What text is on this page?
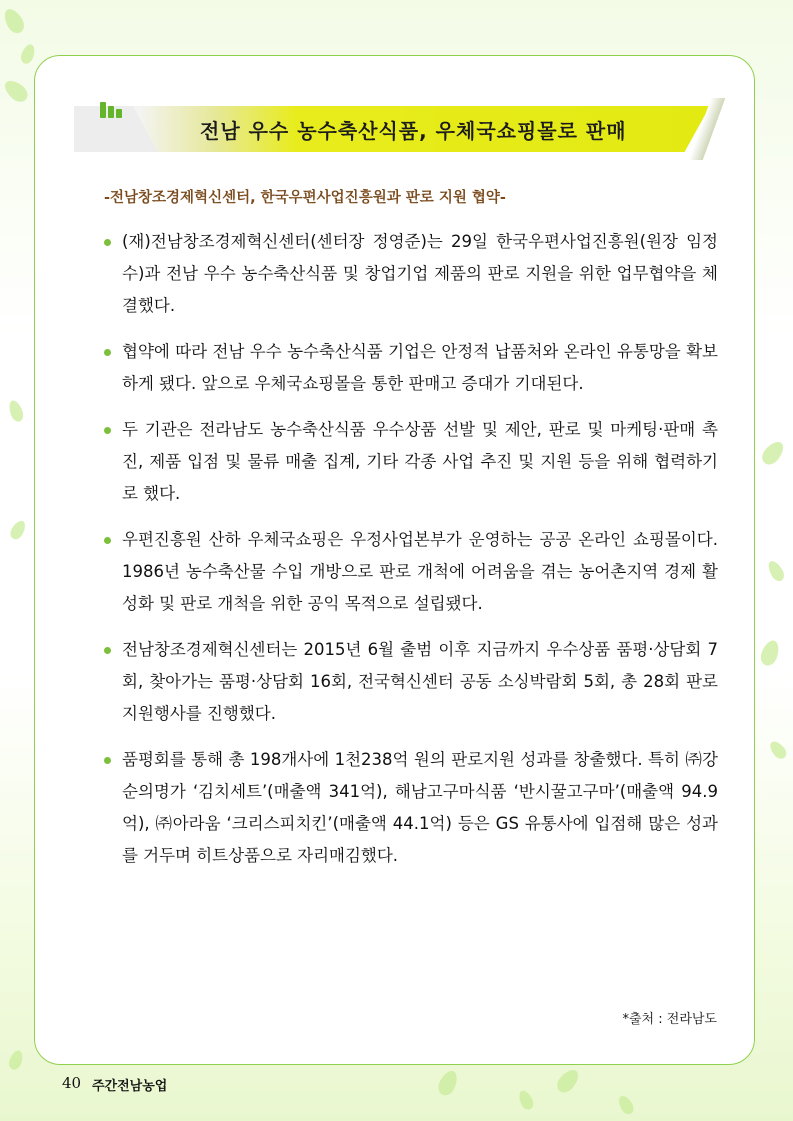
전남 우수 농수축산식품, 우체국쇼핑몰로 판매
-전남창조경제혁신센터, 한국우편사업진흥원과 판로 지원 협약-
(재)전남창조경제혁신센터(센터장 정영준)는 29일 한국우편사업진흥원(원장 임정수)과 전남 우수 농수축산식품 및 창업기업 제품의 판로 지원을 위한 업무협약을 체결했다.
협약에 따라 전남 우수 농수축산식품 기업은 안정적 납품처와 온라인 유통망을 확보하게 됐다. 앞으로 우체국쇼핑몰을 통한 판매고 증대가 기대된다.
두 기관은 전라남도 농수축산식품 우수상품 선발 및 제안, 판로 및 마케팅·판매 촉진, 제품 입점 및 물류 매출 집계, 기타 각종 사업 추진 및 지원 등을 위해 협력하기로 했다.
우편진흥원 산하 우체국쇼핑은 우정사업본부가 운영하는 공공 온라인 쇼핑몰이다. 1986년 농수축산물 수입 개방으로 판로 개척에 어려움을 겪는 농어촌지역 경제 활성화 및 판로 개척을 위한 공익 목적으로 설립됐다.
전남창조경제혁신센터는 2015년 6월 출범 이후 지금까지 우수상품 품평·상담회 7회, 찾아가는 품평·상담회 16회, 전국혁신센터 공동 소싱박람회 5회, 총 28회 판로 지원행사를 진행했다.
품평회를 통해 총 198개사에 1천238억 원의 판로지원 성과를 창출했다. 특히 ㈜강순의명가 ‘김치세트’(매출액 341억), 해남고구마식품 ‘반시꿀고구마’(매출액 94.9억), ㈜아라움 ‘크리스피치킨’(매출액 44.1억) 등은 GS 유통사에 입점해 많은 성과를 거두며 히트상품으로 자리매김했다.
*출처 : 전라남도
40 주간전남농업
